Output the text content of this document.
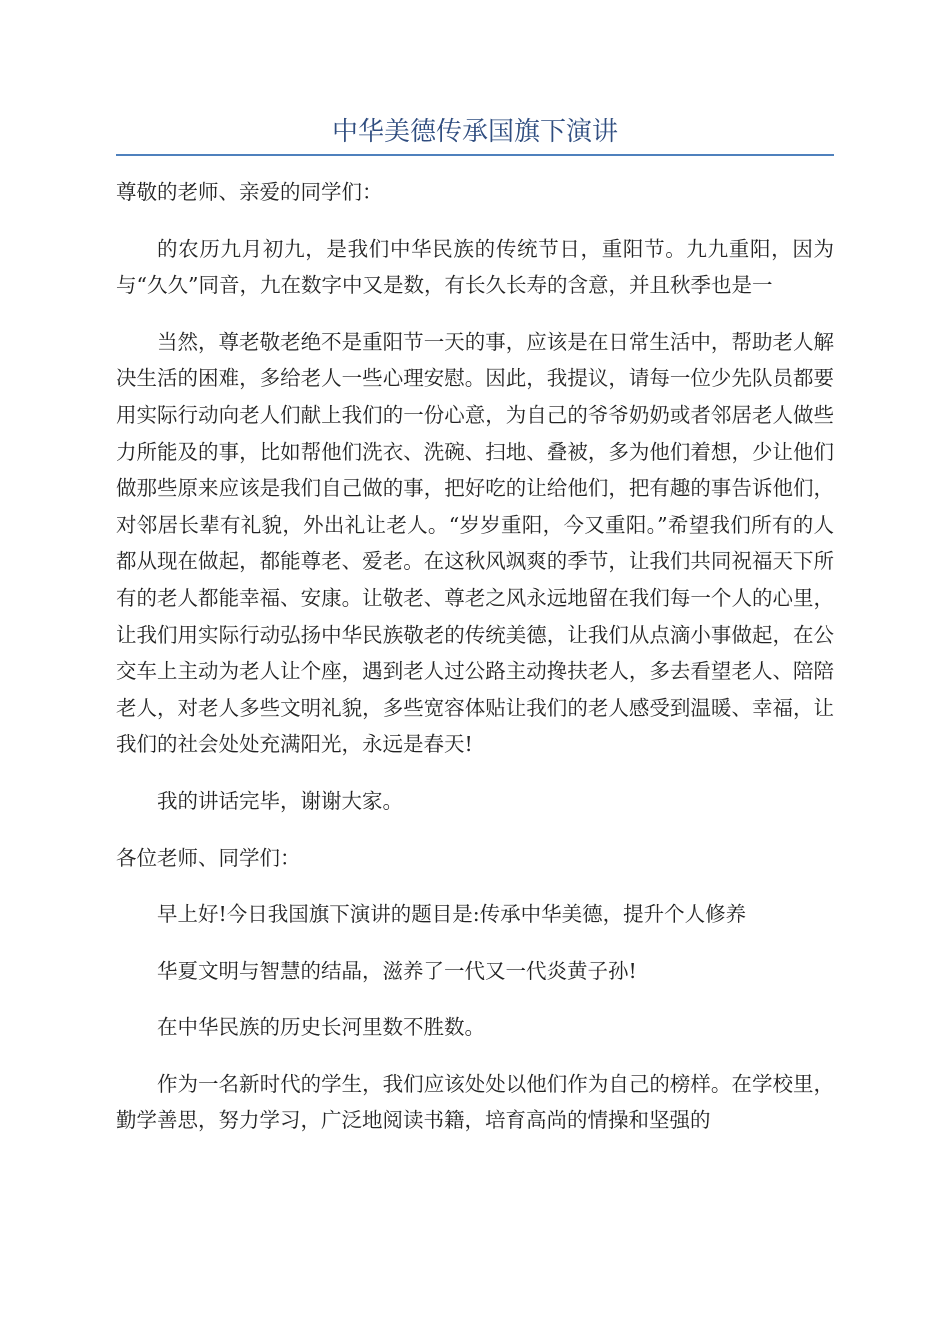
中华美德传承国旗下演讲

尊敬的老师、亲爱的同学们：

的农历九月初九，是我们中华民族的传统节日，重阳节。九九重阳，因为与“久久”同音，九在数字中又是数，有长久长寿的含意，并且秋季也是一

当然，尊老敬老绝不是重阳节一天的事，应该是在日常生活中，帮助老人解决生活的困难，多给老人一些心理安慰。因此，我提议，请每一位少先队员都要用实际行动向老人们献上我们的一份心意，为自己的爷爷奶奶或者邻居老人做些力所能及的事，比如帮他们洗衣、洗碗、扫地、叠被，多为他们着想，少让他们做那些原来应该是我们自己做的事，把好吃的让给他们，把有趣的事告诉他们，对邻居长辈有礼貌，外出礼让老人。“岁岁重阳，今又重阳。”希望我们所有的人都从现在做起，都能尊老、爱老。在这秋风飒爽的季节，让我们共同祝福天下所有的老人都能幸福、安康。让敬老、尊老之风永远地留在我们每一个人的心里，让我们用实际行动弘扬中华民族敬老的传统美德，让我们从点滴小事做起，在公交车上主动为老人让个座，遇到老人过公路主动搀扶老人，多去看望老人、陪陪老人，对老人多些文明礼貌，多些宽容体贴让我们的老人感受到温暖、幸福，让我们的社会处处充满阳光，永远是春天!

我的讲话完毕，谢谢大家。

各位老师、同学们：

早上好!今日我国旗下演讲的题目是:传承中华美德，提升个人修养

华夏文明与智慧的结晶，滋养了一代又一代炎黄子孙!

在中华民族的历史长河里数不胜数。

作为一名新时代的学生，我们应该处处以他们作为自己的榜样。在学校里，勤学善思，努力学习，广泛地阅读书籍，培育高尚的情操和坚强的
